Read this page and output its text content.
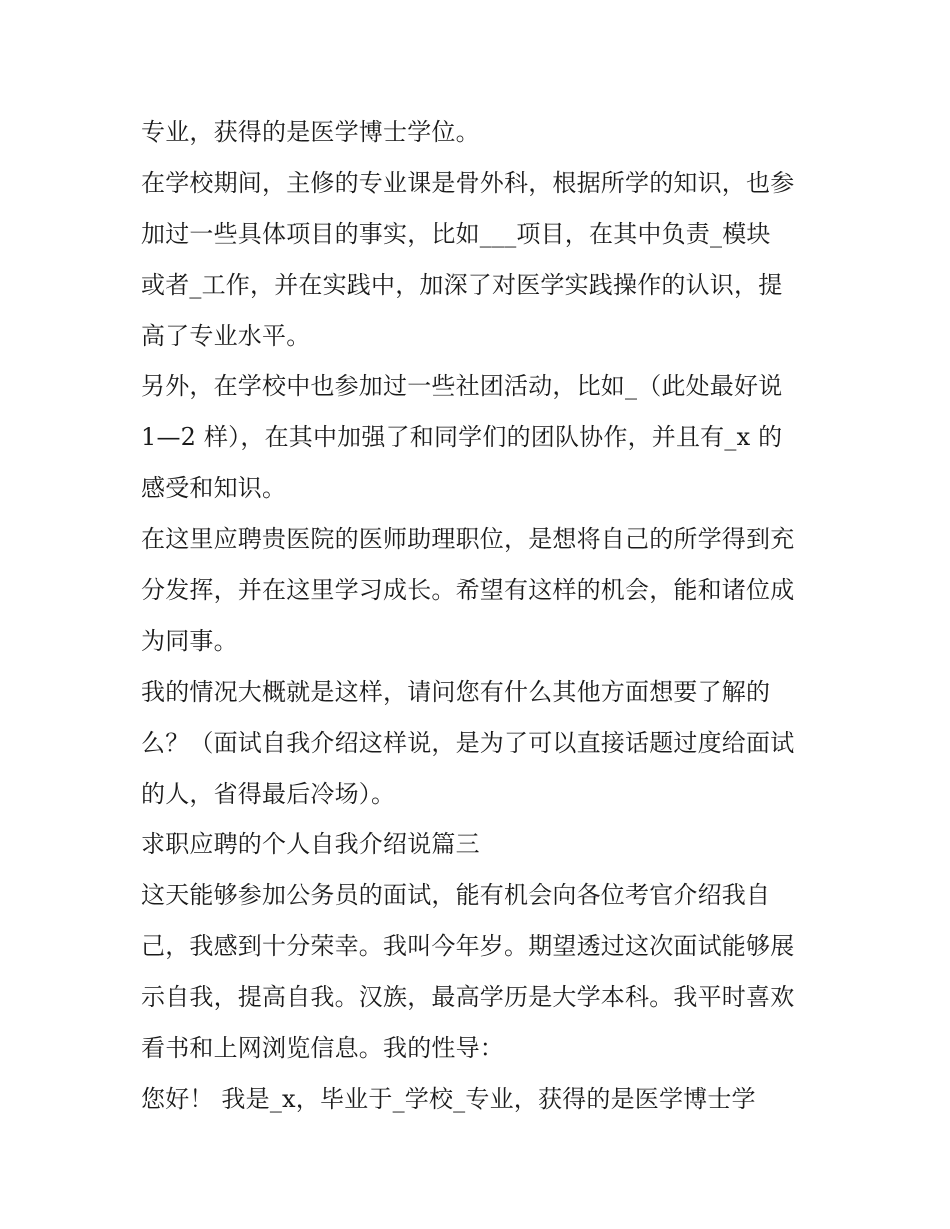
专业，获得的是医学博士学位。
在学校期间，主修的专业课是骨外科，根据所学的知识，也参
加过一些具体项目的事实，比如___项目，在其中负责_模块
或者_工作，并在实践中，加深了对医学实践操作的认识，提
高了专业水平。
另外，在学校中也参加过一些社团活动，比如_（此处最好说
1—2 样），在其中加强了和同学们的团队协作，并且有_x 的
感受和知识。
在这里应聘贵医院的医师助理职位，是想将自己的所学得到充
分发挥，并在这里学习成长。希望有这样的机会，能和诸位成
为同事。
我的情况大概就是这样，请问您有什么其他方面想要了解的
么？（面试自我介绍这样说，是为了可以直接话题过度给面试
的人，省得最后冷场）。
求职应聘的个人自我介绍说篇三
这天能够参加公务员的面试，能有机会向各位考官介绍我自
己，我感到十分荣幸。我叫今年岁。期望透过这次面试能够展
示自我，提高自我。汉族，最高学历是大学本科。我平时喜欢
看书和上网浏览信息。我的性导：
您好！ 我是_x，毕业于_学校_专业，获得的是医学博士学
